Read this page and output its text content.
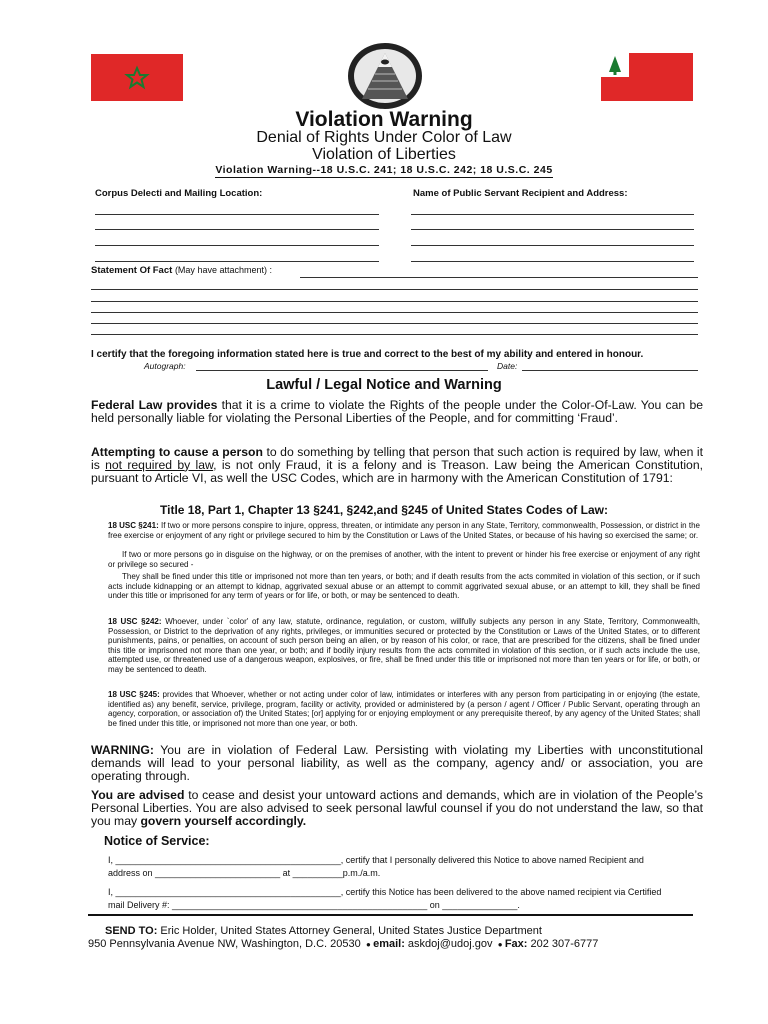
Violation Warning
Denial of Rights Under Color of Law
Violation of Liberties
Violation Warning--18 U.S.C. 241; 18 U.S.C. 242; 18 U.S.C. 245
Corpus Delecti and Mailing Location:	Name of Public Servant Recipient and Address:
Statement Of Fact (May have attachment) :
I certify that the foregoing information stated here is true and correct to the best of my ability and entered in honour.
Autograph:	Date:
Lawful / Legal Notice and Warning
Federal Law provides that it is a crime to violate the Rights of the people under the Color-Of-Law. You can be held personally liable for violating the Personal Liberties of the People, and for committing ‘Fraud’.
Attempting to cause a person to do something by telling that person that such action is required by law, when it is not required by law, is not only Fraud, it is a felony and is Treason. Law being the American Constitution, pursuant to Article VI, as well the USC Codes, which are in harmony with the American Constitution of 1791:
Title 18, Part 1, Chapter 13 §241, §242,and §245 of United States Codes of Law:
18 USC §241: If two or more persons conspire to injure, oppress, threaten, or intimidate any person in any State, Territory, commonwealth, Possession, or district in the free exercise or enjoyment of any right or privilege secured to him by the Constitution or Laws of the United States, or because of his having so exercised the same; or.
If two or more persons go in disguise on the highway, or on the premises of another, with the intent to prevent or hinder his free exercise or enjoyment of any right or privilege so secured -
They shall be fined under this title or imprisoned not more than ten years, or both; and if death results from the acts commited in violation of this section, or if such acts include kidnapping or an attempt to kidnap, aggrivated sexual abuse or an attempt to commit aggrivated sexual abuse, or an attempt to kill, they shall be fined under this title or imprisoned for any term of years or for life, or both, or may be sentenced to death.
18 USC §242: Whoever, under `color' of any law, statute, ordinance, regulation, or custom, willfully subjects any person in any State, Territory, Commonwealth, Possession, or District to the deprivation of any rights, privileges, or immunities secured or protected by the Constitution or Laws of the United States, or to different punishments, pains, or penalties, on account of such person being an alien, or by reason of his color, or race, that are prescribed for the citizens, shall be fined under this title or imprisoned not more than one year, or both; and if bodily injury results from the acts commited in violation of this section, or if such acts include the use, attempted use, or threatened use of a dangerous weapon, explosives, or fire, shall be fined under this title or imprisoned not more than ten years or for life, or both, or may be sentenced to death.
18 USC §245: provides that Whoever, whether or not acting under color of law, intimidates or interferes with any person from participating in or enjoying (the estate, identified as) any benefit, service, privilege, program, facility or activity, provided or administered by (a person / agent / Officer / Public Servant, operating through an agency, corporation, or association of) the United States; [or] applying for or enjoying employment or any prerequisite thereof, by any agency of the United States; shall be fined under this title, or imprisoned not more than one year, or both.
WARNING: You are in violation of Federal Law. Persisting with violating my Liberties with unconstitutional demands will lead to your personal liability, as well as the company, agency and/ or association, you are operating through.
You are advised to cease and desist your untoward actions and demands, which are in violation of the People’s Personal Liberties. You are also advised to seek personal lawful counsel if you do not understand the law, so that you may govern yourself accordingly.
Notice of Service:
I, _____________________________________________, certify that I personally delivered this Notice to above named Recipient and address on _________________________ at __________p.m./a.m.
I, _____________________________________________, certify this Notice has been delivered to the above named recipient via Certified mail Delivery #: ___________________________________________________ on _______________.
SEND TO: Eric Holder, United States Attorney General, United States Justice Department
950 Pennsylvania Avenue NW, Washington, D.C. 20530  ● email: askdoj@udoj.gov  ● Fax: 202 307-6777
